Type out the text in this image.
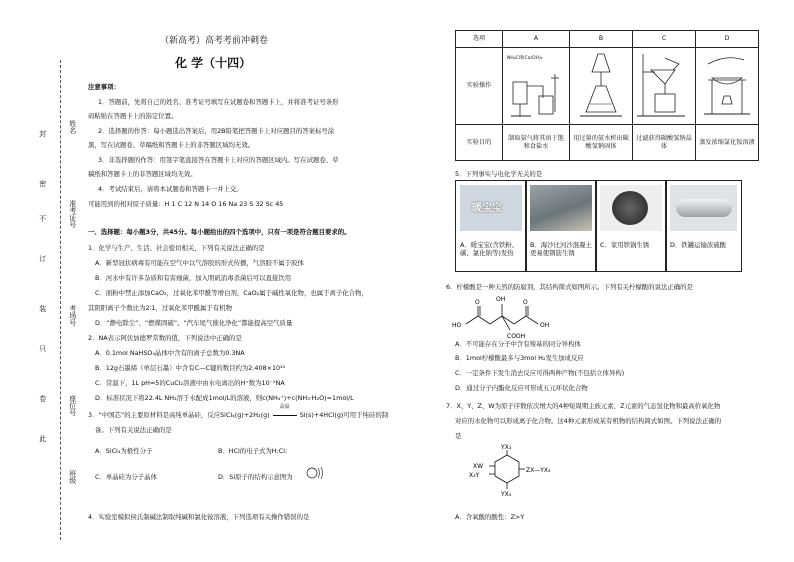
姓名
准考证号
考场号
座位号
班级
封
密
不
订
装
只
卷
此
（新高考）高考考前冲刺卷
化 学（十四）
注意事项：
1．答题前，先将自己的姓名、准考证号填写在试题卷和答题卡上，并将准考证号条形
码粘贴在答题卡上的指定位置。
2．选择题的作答：每小题选出答案后，用2B铅笔把答题卡上对应题目的答案标号涂
黑，写在试题卷、草稿纸和答题卡上的非答题区域均无效。
3．非选择题的作答：用签字笔直接答在答题卡上对应的答题区域内。写在试题卷、草
稿纸和答题卡上的非答题区域均无效。
4．考试结束后，请将本试题卷和答题卡一并上交。
可能用到的相对原子质量：H 1 C 12 N 14 O 16 Na 23 S 32 Sc 45
一、选择题：每小题3分，共45分。每小题给出的四个选项中，只有一项是符合题目要求的。
1．化学与生产、生活、社会密切相关，下列有关说法正确的是
A．新型冠状病毒有可能在空气中以气溶胶的形式传播，气溶胶不属于胶体
B．河水中有许多杂质和有害细菌，加入明矾消毒杀菌后可以直接饮用
C．面粉中禁止添加CaO₂，过氧化苯甲酰等增白剂，CaO₂属于碱性氧化物，也属于离子化合物，
其阴阳离子个数比为2∶1，过氧化苯甲酰属于有机物
D．“静电除尘”、“燃煤固硫”、“汽车尾气催化净化”都能提高空气质量
2．NA表示阿伏加德罗常数的值，下列说法中正确的是
A．0.1mol NaHSO₄晶体中含有的离子总数为0.3NA
B．12g石墨烯（单层石墨）中含有C—C键的数目约为2.408×10²⁴
C．常温下，1L pH=5的CuCl₂溶液中由水电离出的H⁺数为10⁻⁵NA
D．标准状况下将22.4L NH₃溶于水配成1mol/L的溶液，则c(NH₄⁺)+c(NH₃·H₂O)=1mol/L
3．“中国芯”的主要原材料是高纯单晶硅，反应SiCl₄(g)+2H₂(g)
高温
Si(s)+4HCl(g)可用于纯硅的制
备。下列有关说法正确的是
A．SiCl₄为极性分子	B．HCl的电子式为H:Cl:
C．单晶硅为分子晶体	D．Si原子的结构示意图为
4．实验室模拟侯氏制碱法制取纯碱和氯化铵溶液，下列选项有关操作错误的是
选项	A	B	C	D
实验操作	NH₄Cl和Ca(OH)₂

实验目的	制取氨气将其溶于饱和食盐水	用过量的氨水析出碳酸氢钠固体	过滤获得碳酸氢钠晶体	蒸发浓缩氯化铵溶液
5．下列事实与电化学无关的是
暖宝宝
A．暖宝宝(含铁粉、碳、氯化钠等)发热
B．海沙比河沙混凝土更易使钢筋生锈
C．家用铁锅生锈	D．铁罐运输浓硫酸
6．柠檬酸是一种天然的防腐剂，其结构简式如图所示。下列有关柠檬酸的说法正确的是
OH
HO	OH
O	O
COOH
A．不可能存在分子中含有羧基的同分异构体
B．1mol柠檬酸最多与3mol H₂发生加成反应
C．一定条件下发生消去反应可得两种产物(不包括立体异构)
D．通过分子内酯化反应可形成五元环状化合物
7．X、Y、Z、W为原子序数依次增大的4种短周期主族元素，Z元素的气态氢化物和最高价氧化物
对应的水化物可以形成离子化合物。这4种元素形成某有机物的结构简式如图。下列说法正确的
是
YX₃
XW
X₃Y
ZX—YX₃
YX₃
A．含氧酸的酸性：Z>Y
